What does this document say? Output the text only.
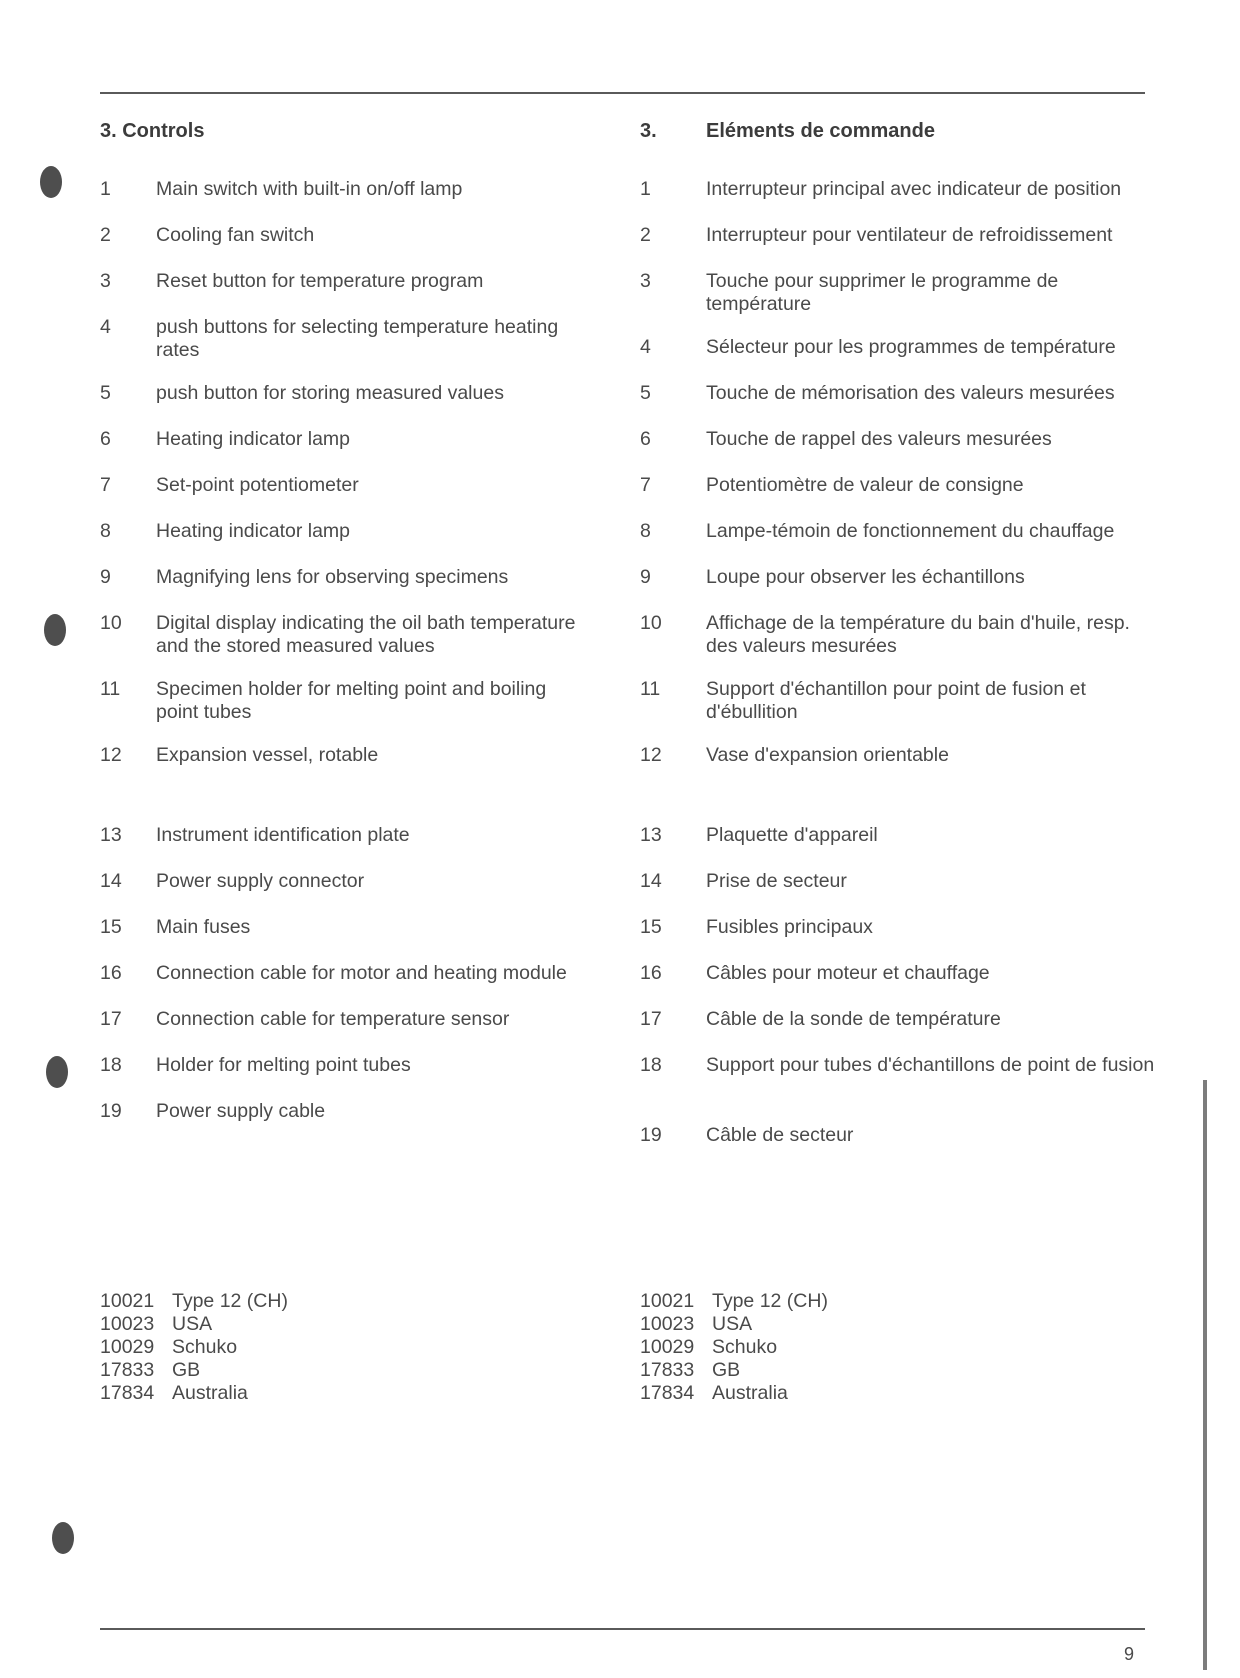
3. Controls
1	Main switch with built-in on/off lamp
2	Cooling fan switch
3	Reset button for temperature program
4	push buttons for selecting temperature heating rates
5	push button for storing measured values
6	Heating indicator lamp
7	Set-point potentiometer
8	Heating indicator lamp
9	Magnifying lens for observing specimens
10	Digital display indicating the oil bath temperature and the stored measured values
11	Specimen holder for melting point and boiling point tubes
12	Expansion vessel, rotable
13	Instrument identification plate
14	Power supply connector
15	Main fuses
16	Connection cable for motor and heating module
17	Connection cable for temperature sensor
18	Holder for melting point tubes
19	Power supply cable
3. Eléments de commande
1	Interrupteur principal avec indicateur de position
2	Interrupteur pour ventilateur de refroidissement
3	Touche pour supprimer le programme de température
4	Sélecteur pour les programmes de température
5	Touche de mémorisation des valeurs mesurées
6	Touche de rappel des valeurs mesurées
7	Potentiomètre de valeur de consigne
8	Lampe-témoin de fonctionnement du chauffage
9	Loupe pour observer les échantillons
10	Affichage de la température du bain d'huile, resp. des valeurs mesurées
11	Support d'échantillon pour point de fusion et d'ébullition
12	Vase d'expansion orientable
13	Plaquette d'appareil
14	Prise de secteur
15	Fusibles principaux
16	Câbles pour moteur et chauffage
17	Câble de la sonde de température
18	Support pour tubes d'échantillons de point de fusion
19	Câble de secteur
10021 Type 12 (CH)
10023 USA
10029 Schuko
17833 GB
17834 Australia
10021 Type 12 (CH)
10023 USA
10029 Schuko
17833 GB
17834 Australia
9
